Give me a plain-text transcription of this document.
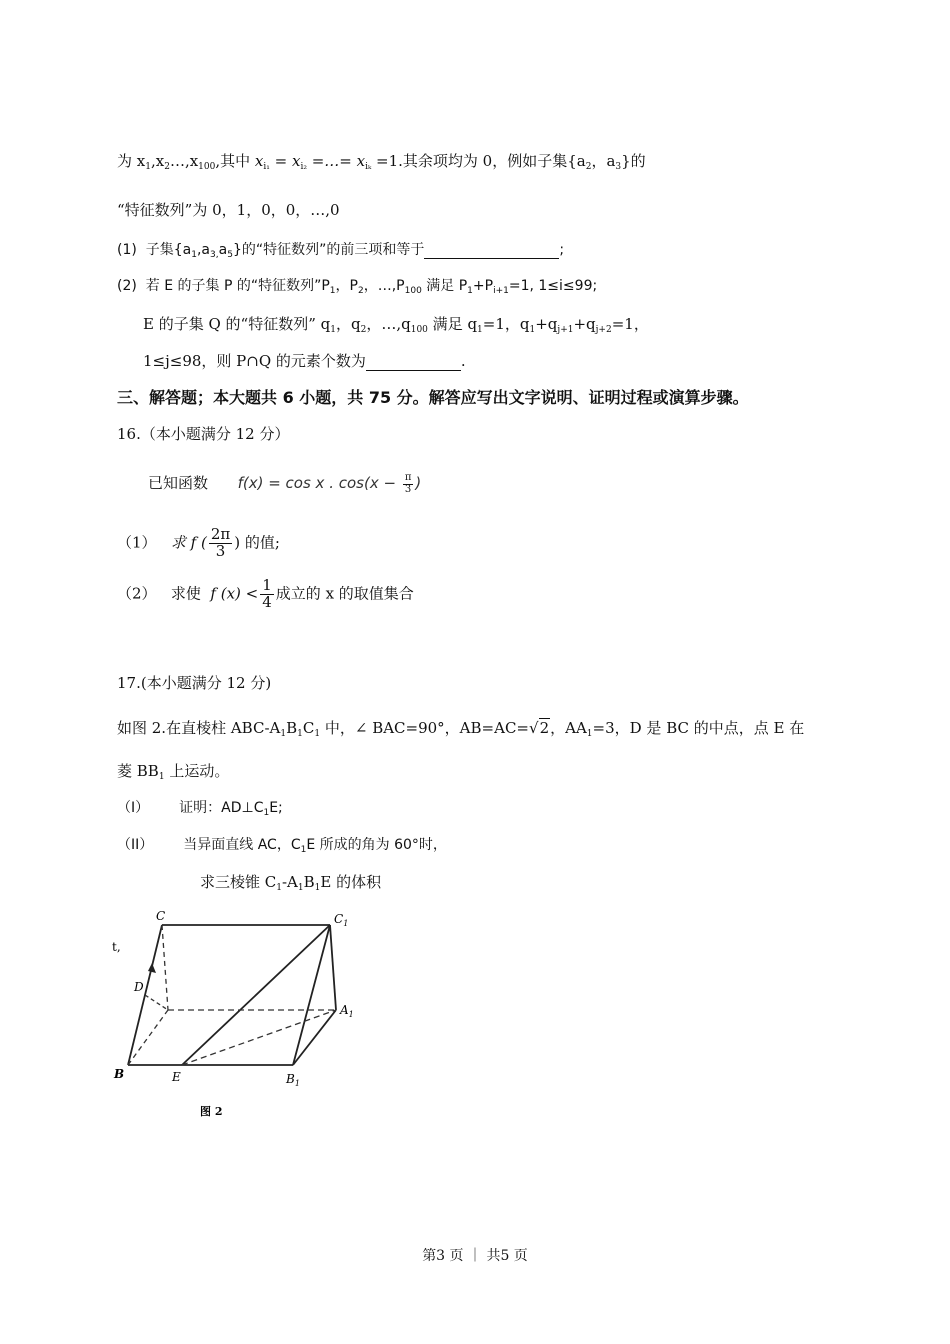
为 $x_1,x_2\dots,x_{100}$,其中 $x_{i_1} = x_{i_2}$ =…= $x_{i_k} =1$.其余项均为 0，例如子集{$a_2$，$a_3$}的
“特征数列”为 0，1，0，0，…,0
(1) 子集$\{a_1,a_{3,}a_5\}$的“特征数列”的前三项和等于	;
(2) 若 E 的子集 P 的“特征数列$”P_1$，$P_2$，$\dots,P_{100}$ 满足 $P_1+P_{i+1}=1$, 1≤i≤99;
E 的子集 Q 的“特征数列” $q_1$，$q_2$，$\dots,q_{100}$ 满足 $q_1=1$，$q_1+q_{j+1}+q_{j+2}=1$，
1≤j≤98，则 P∩Q 的元素个数为	.
三、解答题；本大题共 6 小题，共 75 分。解答应写出文字说明、证明过程或演算步骤。
16.（本小题满分 12 分）
已知函数 f(x) = cos x . $\cos(x - \frac{\pi}{3}$ )
（1） 求 f ( $\frac{2\pi}{3}$ ) 的值;
（2） 求使 f $(x) < \frac{1}{4}$ 成立的 x 的取值集合
17.(本小题满分 12 分)
如图 2.在直棱柱 ABC-$A_1B_1C_1$ 中，∠ BAC=90°，AB=AC=√2，$AA_1=3$，D 是 BC 的中点，点 E 在
菱 $BB_1$ 上运动。
（I） 证明：$AD\perp C_1E$;
（II） 当异面直线 AC，$C_1E$ 所成的角为 60°时，
求三棱锥 $C_1-A_1B_1E$ 的体积
C	$C_1$
D
$A_1$
B	E	$B_1$
t,
图 2
第3 页 ｜ 共5 页
